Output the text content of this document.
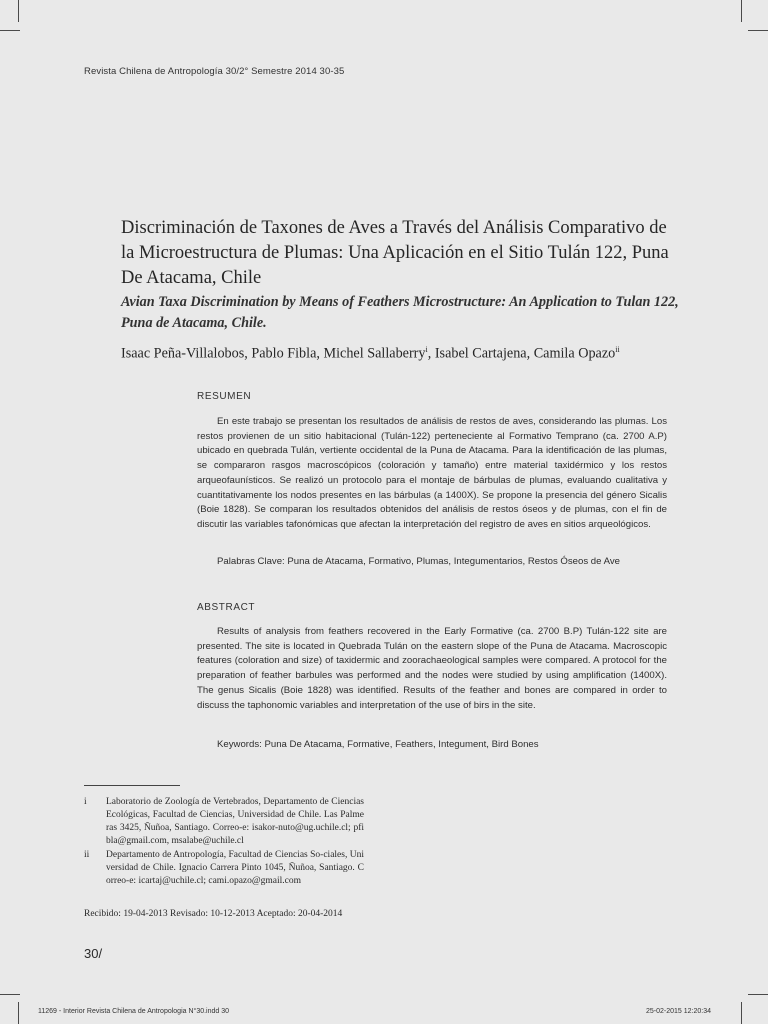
Revista Chilena de Antropología 30/2° Semestre 2014 30-35
Discriminación de Taxones de Aves a Través del Análisis Comparativo de la Microestructura de Plumas: Una Aplicación en el Sitio Tulán 122, Puna De Atacama, Chile
Avian Taxa Discrimination by Means of Feathers Microstructure: An Application to Tulan 122, Puna de Atacama, Chile.

Isaac Peña-Villalobos, Pablo Fibla, Michel Sallaberry$^i$, Isabel Cartajena, Camila Opazo$^{ii}$

RESUMEN

En este trabajo se presentan los resultados de análisis de restos de aves, considerando las plumas. Los restos provienen de un sitio habitacional (Tulán-122) perteneciente al Formativo Temprano (ca. 2700 A.P) ubicado en quebrada Tulán, vertiente occidental de la Puna de Atacama. Para la identificación de las plumas, se compararon rasgos macroscópicos (coloración y tamaño) entre material taxidérmico y los restos arqueofaunísticos. Se realizó un protocolo para el montaje de bárbulas de plumas, evaluando cualitativa y cuantitativamente los nodos presentes en las bárbulas (a 1400X). Se propone la presencia del género Sicalis (Boie 1828). Se comparan los resultados obtenidos del análisis de restos óseos y de plumas, con el fin de discutir las variables tafonómicas que afectan la interpretación del registro de aves en sitios arqueológicos.

Palabras Clave: Puna de Atacama, Formativo, Plumas, Integumentarios, Restos Óseos de Ave

ABSTRACT

Results of analysis from feathers recovered in the Early Formative (ca. 2700 B.P) Tulán-122 site are presented. The site is located in Quebrada Tulán on the eastern slope of the Puna de Atacama. Macroscopic features (coloration and size) of taxidermic and zoorachaeological samples were compared. A protocol for the preparation of feather barbules was performed and the nodes were studied by using amplification (1400X). The genus Sicalis (Boie 1828) was identified. Results of the feather and bones are compared in order to discuss the taphonomic variables and interpretation of the use of birs in the site.

Keywords: Puna De Atacama, Formative, Feathers, Integument, Bird Bones

i	Laboratorio de Zoología de Vertebrados, Departamento de Ciencias Ecológicas, Facultad de Ciencias, Universidad de Chile. Las Palmeras 3425, Ñuñoa, Santiago. Correo-e: isakor-nuto@ug.uchile.cl; pfibla@gmail.com, msalabe@uchile.cl
ii	Departamento de Antropología, Facultad de Ciencias So-ciales, Universidad de Chile. Ignacio Carrera Pinto 1045, Ñuñoa, Santiago. Correo-e: icartaj@uchile.cl; cami.opazo@gmail.com
Recibido: 19-04-2013 Revisado: 10-12-2013 Aceptado: 20-04-2014
30/
11269 - Interior Revista Chilena de Antropologia N°30.indd 30	25-02-2015 12:20:34
